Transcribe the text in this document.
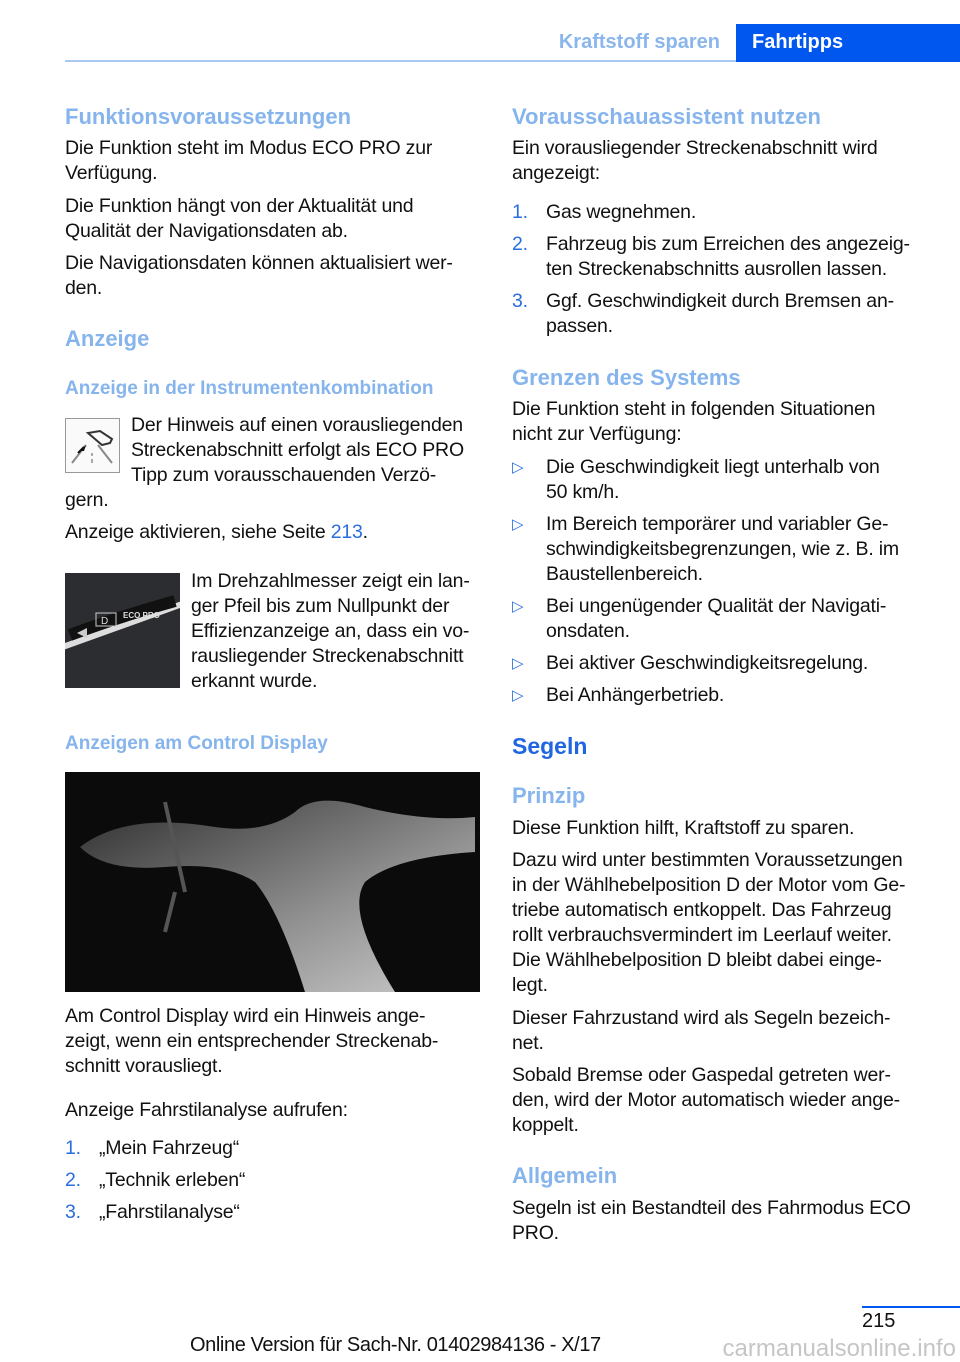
Kraftstoff sparen Fahrtipps
Funktionsvoraussetzungen
Die Funktion steht im Modus ECO PRO zur
Verfügung.
Die Funktion hängt von der Aktualität und
Qualität der Navigationsdaten ab.
Die Navigationsdaten können aktualisiert wer-
den.
Anzeige
Anzeige in der Instrumentenkombination
Der Hinweis auf einen vorausliegenden
Streckenabschnitt erfolgt als ECO PRO
Tipp zum vorausschauenden Verzö-
gern.
Anzeige aktivieren, siehe Seite 213.
D
ECO PRO
Im Drehzahlmesser zeigt ein lan-
ger Pfeil bis zum Nullpunkt der
Effizienzanzeige an, dass ein vo-
rausliegender Streckenabschnitt
erkannt wurde.
Anzeigen am Control Display
Am Control Display wird ein Hinweis ange-
zeigt, wenn ein entsprechender Streckenab-
schnitt vorausliegt.
Anzeige Fahrstilanalyse aufrufen:
1. „Mein Fahrzeug“
2. „Technik erleben“
3. „Fahrstilanalyse“
Vorausschauassistent nutzen
Ein vorausliegender Streckenabschnitt wird
angezeigt:
1. Gas wegnehmen.
2. Fahrzeug bis zum Erreichen des angezeig-
ten Streckenabschnitts ausrollen lassen.
3. Ggf. Geschwindigkeit durch Bremsen an-
passen.
Grenzen des Systems
Die Funktion steht in folgenden Situationen
nicht zur Verfügung:
▷	Die Geschwindigkeit liegt unterhalb von
50 km/h.
▷	Im Bereich temporärer und variabler Ge-
schwindigkeitsbegrenzungen, wie z. B. im
Baustellenbereich.
▷	Bei ungenügender Qualität der Navigati-
onsdaten.
▷	Bei aktiver Geschwindigkeitsregelung.
▷	Bei Anhängerbetrieb.
Segeln
Prinzip
Diese Funktion hilft, Kraftstoff zu sparen.
Dazu wird unter bestimmten Voraussetzungen
in der Wählhebelposition D der Motor vom Ge-
triebe automatisch entkoppelt. Das Fahrzeug
rollt verbrauchsvermindert im Leerlauf weiter.
Die Wählhebelposition D bleibt dabei einge-
legt.
Dieser Fahrzustand wird als Segeln bezeich-
net.
Sobald Bremse oder Gaspedal getreten wer-
den, wird der Motor automatisch wieder ange-
koppelt.
Allgemein
Segeln ist ein Bestandteil des Fahrmodus ECO
PRO.
215
Online Version für Sach-Nr. 01402984136 - X/17	carmanualsonline.info
